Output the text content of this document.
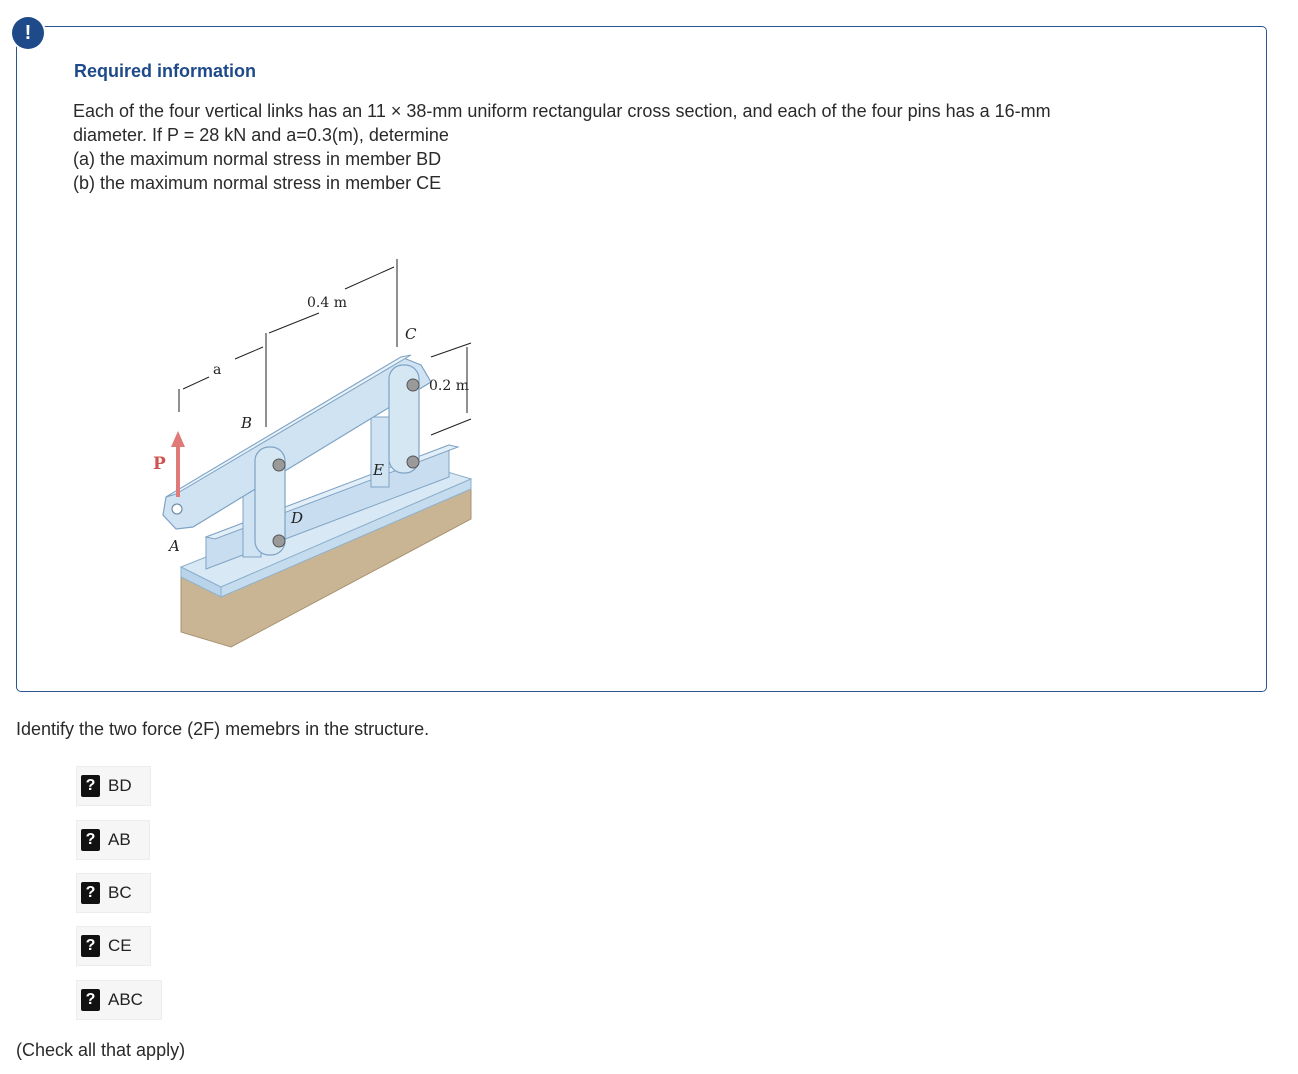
!
Required information
Each of the four vertical links has an 11 × 38-mm uniform rectangular cross section, and each of the four pins has a 16-mm
diameter. If P = 28 kN and a=0.3(m), determine
(a) the maximum normal stress in member BD
(b) the maximum normal stress in member CE
a
0.4 m
0.2 m
P
A
B
C
D
E
Identify the two force (2F) memebrs in the structure.
? BD
? AB
? BC
? CE
? ABC
(Check all that apply)
